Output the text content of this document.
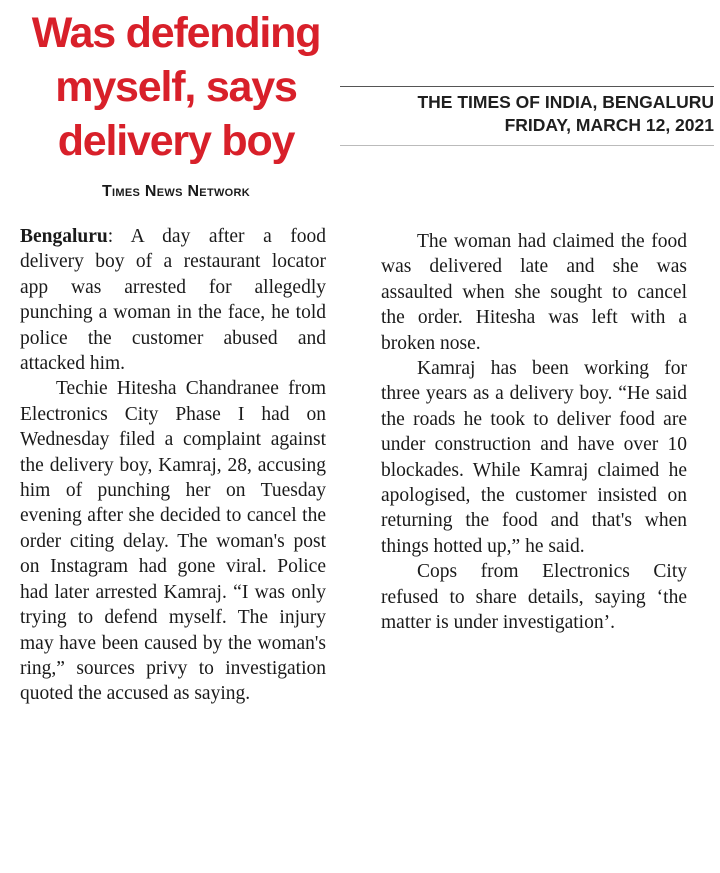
Was defending
myself, says
delivery boy
Times News Network
THE TIMES OF INDIA, BENGALURU
FRIDAY, MARCH 12, 2021

Bengaluru: A day after a food delivery boy of a restaurant locator app was arrested for allegedly punching a woman in the face, he told police the customer abused and attacked him.

Techie Hitesha Chandranee from Electronics City Phase I had on Wednesday filed a complaint against the delivery boy, Kamraj, 28, accusing him of punching her on Tuesday evening after she decided to cancel the order citing delay. The woman's post on Instagram had gone viral. Police had later arrested Kamraj. “I was only trying to defend myself. The injury may have been caused by the woman's ring,” sources privy to investigation quoted the accused as saying.

The woman had claimed the food was delivered late and she was assaulted when she sought to cancel the order. Hitesha was left with a broken nose.

Kamraj has been working for three years as a delivery boy. “He said the roads he took to deliver food are under construction and have over 10 blockades. While Kamraj claimed he apologised, the customer insisted on returning the food and that's when things hotted up,” he said.

Cops from Electronics City refused to share details, saying ‘the matter is under investigation’.
